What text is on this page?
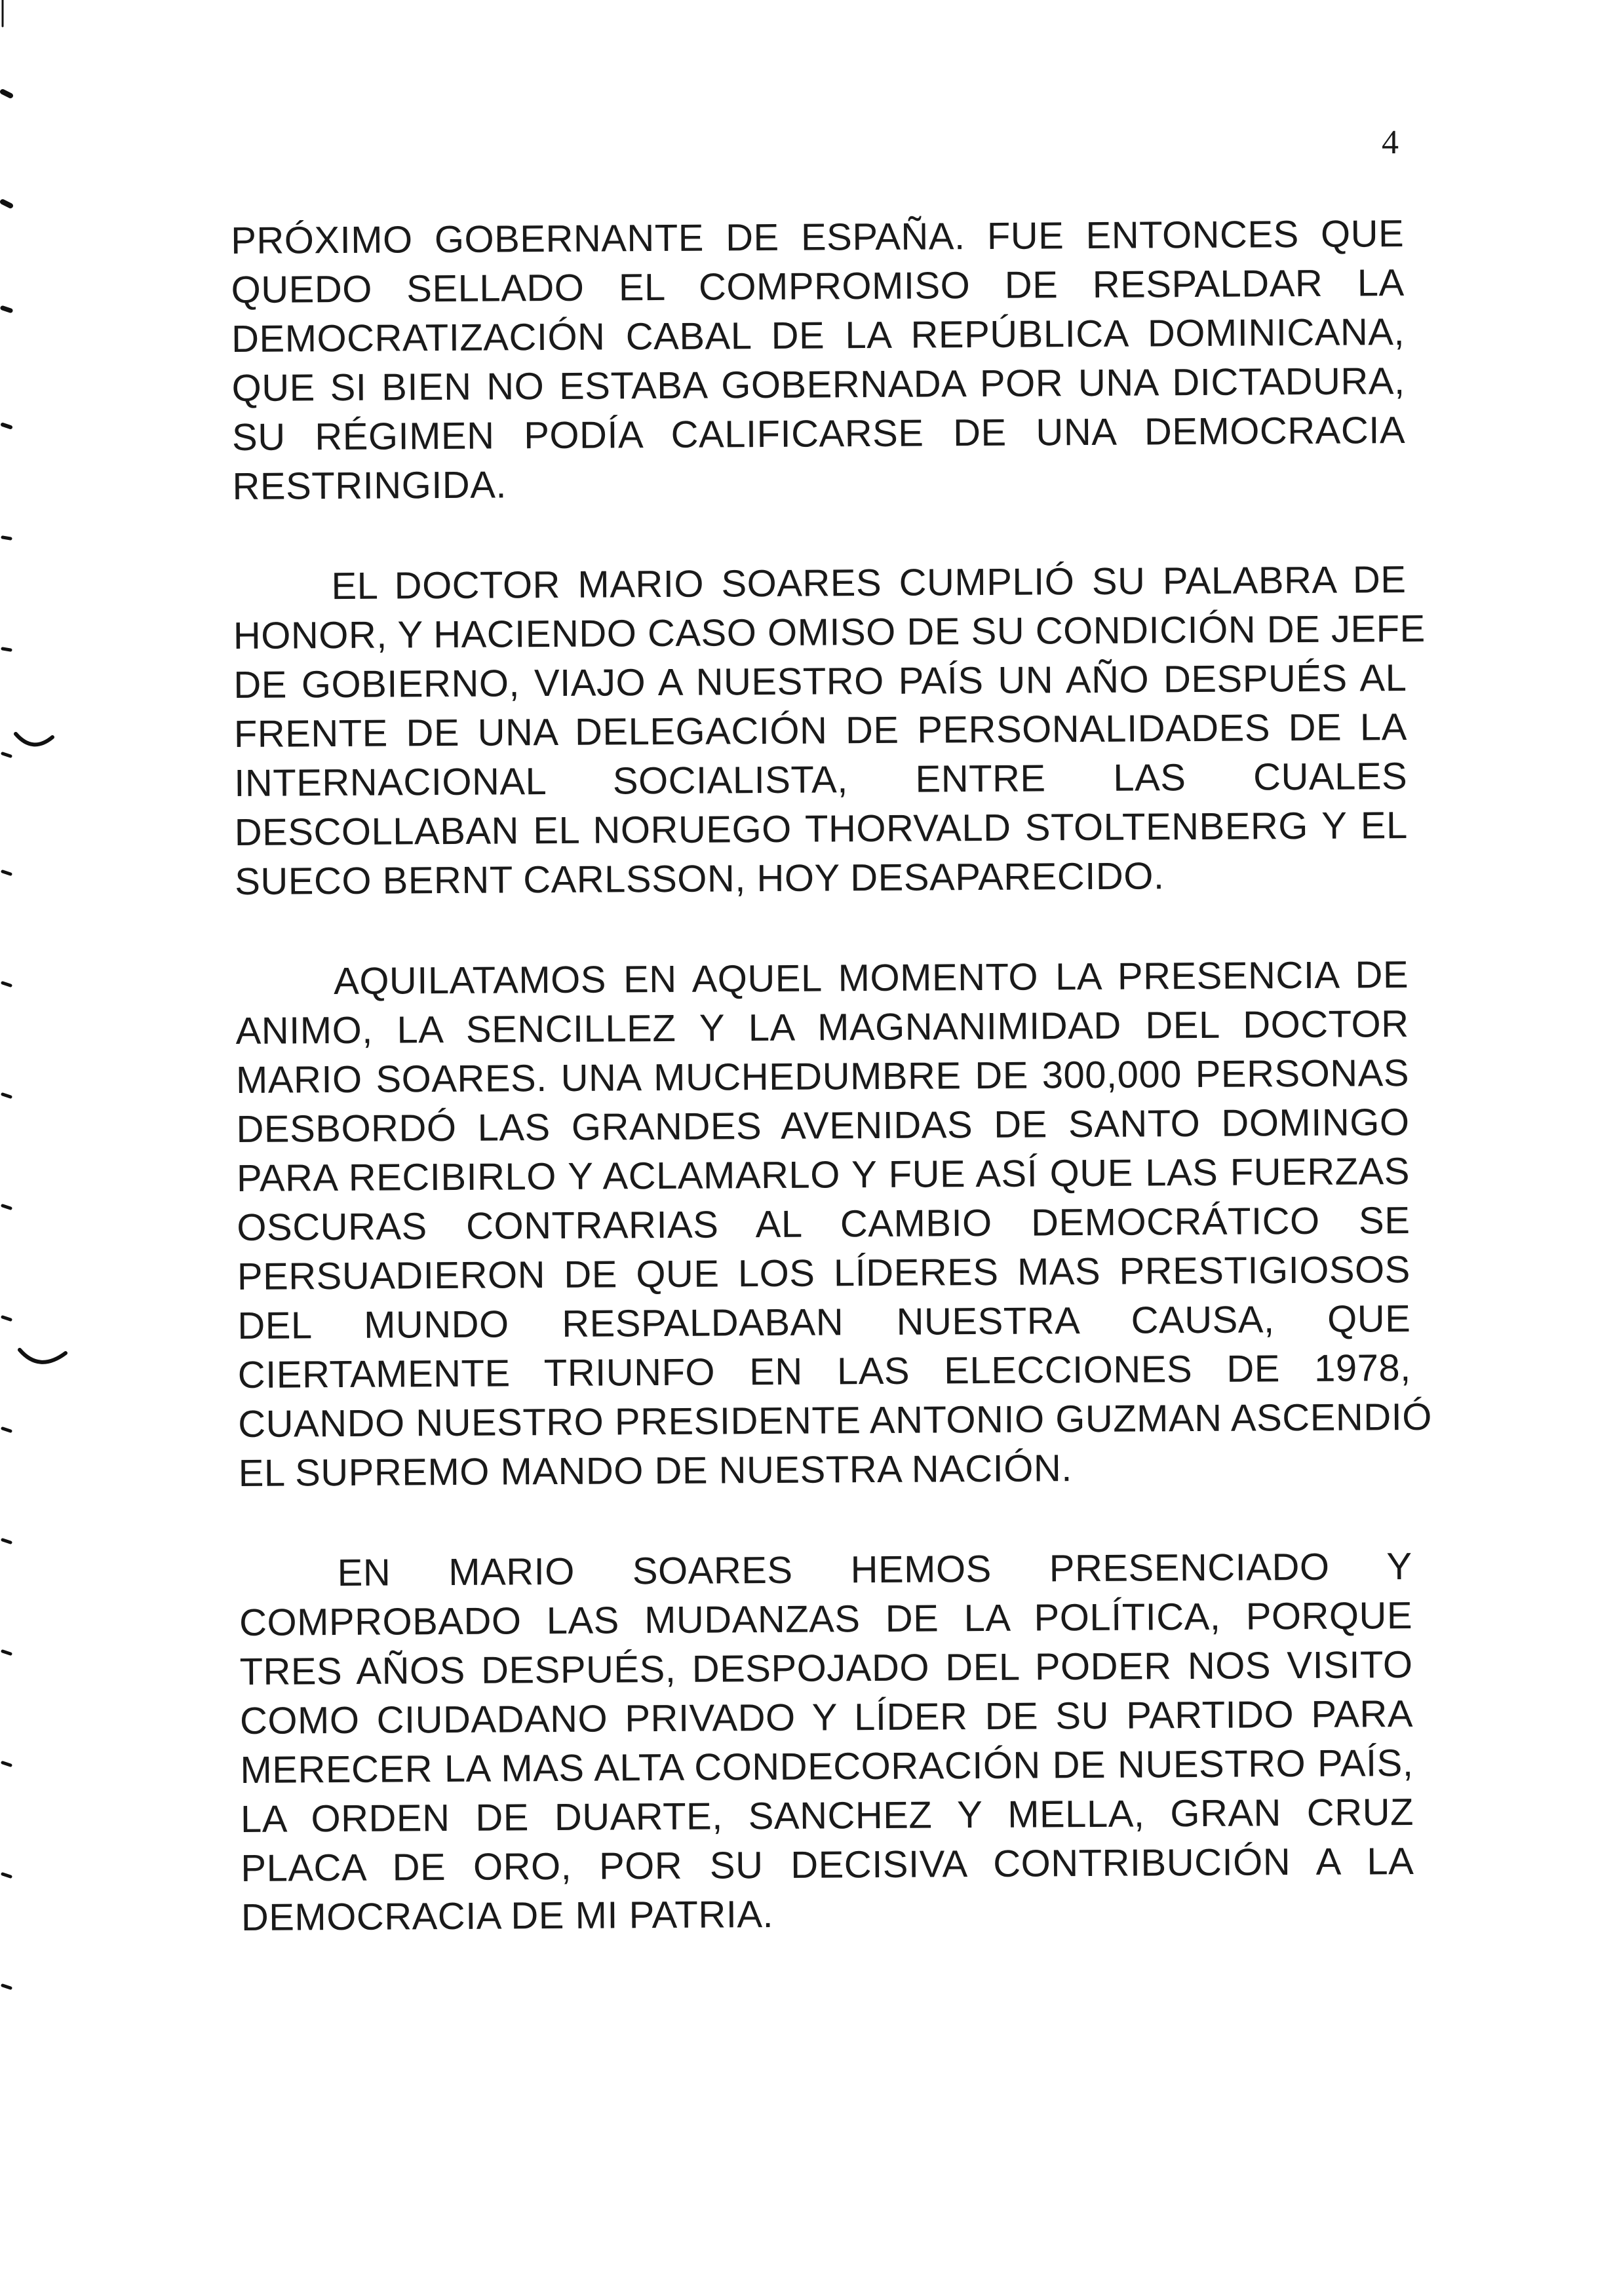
4

PRÓXIMO GOBERNANTE DE ESPAÑA. FUE ENTONCES QUE
QUEDO SELLADO EL COMPROMISO DE RESPALDAR LA
DEMOCRATIZACIÓN CABAL DE LA REPÚBLICA DOMINICANA,
QUE SI BIEN NO ESTABA GOBERNADA POR UNA DICTADURA,
SU RÉGIMEN PODÍA CALIFICARSE DE UNA DEMOCRACIA
RESTRINGIDA.

EL DOCTOR MARIO SOARES CUMPLIÓ SU PALABRA DE
HONOR, Y HACIENDO CASO OMISO DE SU CONDICIÓN DE JEFE
DE GOBIERNO, VIAJO A NUESTRO PAÍS UN AÑO DESPUÉS AL
FRENTE DE UNA DELEGACIÓN DE PERSONALIDADES DE LA
INTERNACIONAL SOCIALISTA, ENTRE LAS CUALES
DESCOLLABAN EL NORUEGO THORVALD STOLTENBERG Y EL
SUECO BERNT CARLSSON, HOY DESAPARECIDO.

AQUILATAMOS EN AQUEL MOMENTO LA PRESENCIA DE
ANIMO, LA SENCILLEZ Y LA MAGNANIMIDAD DEL DOCTOR
MARIO SOARES. UNA MUCHEDUMBRE DE 300,000 PERSONAS
DESBORDÓ LAS GRANDES AVENIDAS DE SANTO DOMINGO
PARA RECIBIRLO Y ACLAMARLO Y FUE ASÍ QUE LAS FUERZAS
OSCURAS CONTRARIAS AL CAMBIO DEMOCRÁTICO SE
PERSUADIERON DE QUE LOS LÍDERES MAS PRESTIGIOSOS
DEL MUNDO RESPALDABAN NUESTRA CAUSA, QUE
CIERTAMENTE TRIUNFO EN LAS ELECCIONES DE 1978,
CUANDO NUESTRO PRESIDENTE ANTONIO GUZMAN ASCENDIÓ
EL SUPREMO MANDO DE NUESTRA NACIÓN.

EN MARIO SOARES HEMOS PRESENCIADO Y
COMPROBADO LAS MUDANZAS DE LA POLÍTICA, PORQUE
TRES AÑOS DESPUÉS, DESPOJADO DEL PODER NOS VISITO
COMO CIUDADANO PRIVADO Y LÍDER DE SU PARTIDO PARA
MERECER LA MAS ALTA CONDECORACIÓN DE NUESTRO PAÍS,
LA ORDEN DE DUARTE, SANCHEZ Y MELLA, GRAN CRUZ
PLACA DE ORO, POR SU DECISIVA CONTRIBUCIÓN A LA
DEMOCRACIA DE MI PATRIA.
